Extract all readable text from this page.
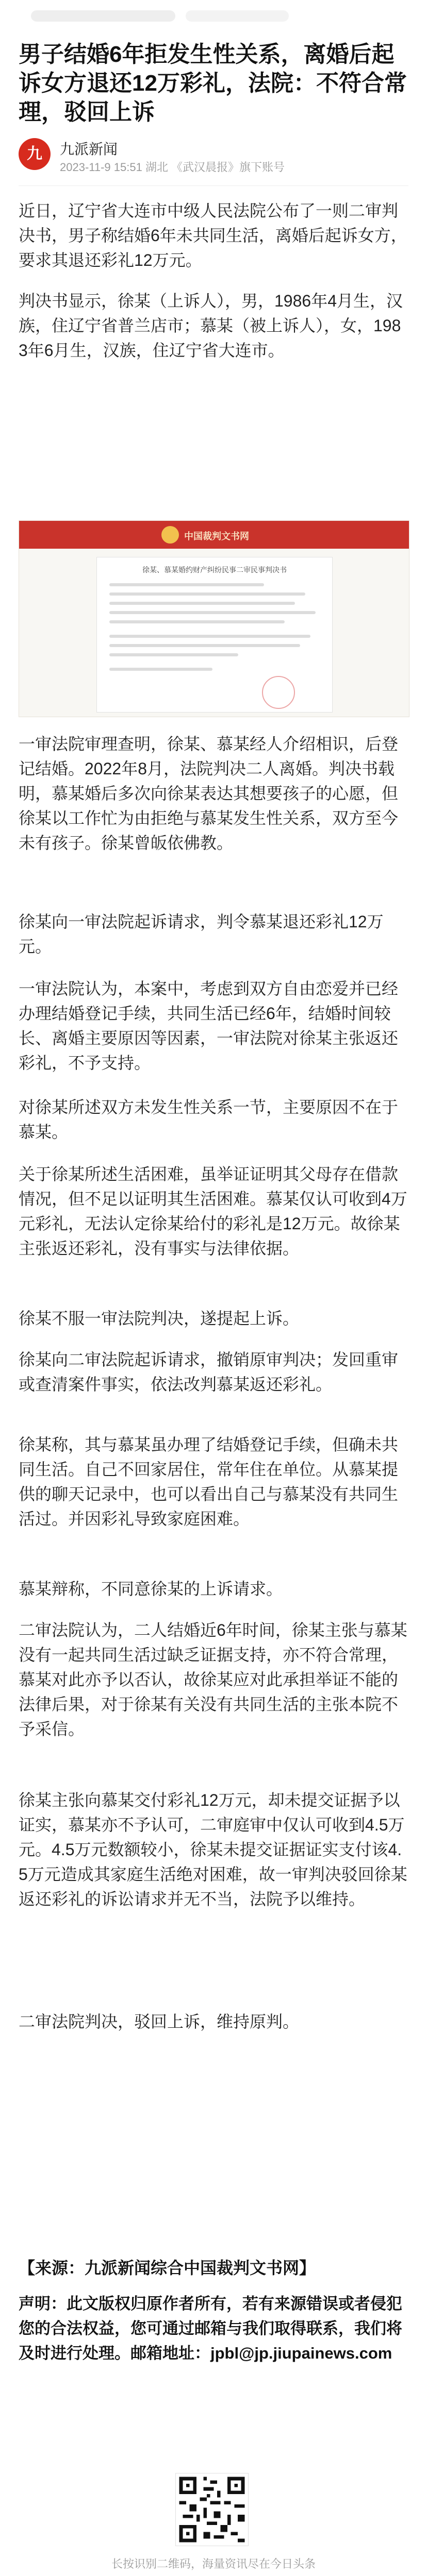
男子结婚6年拒发生性关系，离婚后起诉女方退还12万彩礼，法院：不符合常理，驳回上诉
九	九派新闻
2023-11-9 15:51 湖北 《武汉晨报》旗下账号

近日，辽宁省大连市中级人民法院公布了一则二审判决书，男子称结婚6年未共同生活，离婚后起诉女方，要求其退还彩礼12万元。

判决书显示，徐某（上诉人），男，1986年4月生，汉族，住辽宁省普兰店市；慕某（被上诉人），女，1983年6月生，汉族，住辽宁省大连市。

中国裁判文书网
徐某、慕某婚约财产纠纷民事二审民事判决书

一审法院审理查明，徐某、慕某经人介绍相识，后登记结婚。2022年8月，法院判决二人离婚。判决书载明，慕某婚后多次向徐某表达其想要孩子的心愿，但徐某以工作忙为由拒绝与慕某发生性关系，双方至今未有孩子。徐某曾皈依佛教。

徐某向一审法院起诉请求，判令慕某退还彩礼12万元。

一审法院认为，本案中，考虑到双方自由恋爱并已经办理结婚登记手续，共同生活已经6年，结婚时间较长、离婚主要原因等因素，一审法院对徐某主张返还彩礼，不予支持。

对徐某所述双方未发生性关系一节，主要原因不在于慕某。

关于徐某所述生活困难，虽举证证明其父母存在借款情况，但不足以证明其生活困难。慕某仅认可收到4万元彩礼，无法认定徐某给付的彩礼是12万元。故徐某主张返还彩礼，没有事实与法律依据。

徐某不服一审法院判决，遂提起上诉。

徐某向二审法院起诉请求，撤销原审判决；发回重审或查清案件事实，依法改判慕某返还彩礼。

徐某称，其与慕某虽办理了结婚登记手续，但确未共同生活。自己不回家居住，常年住在单位。从慕某提供的聊天记录中，也可以看出自己与慕某没有共同生活过。并因彩礼导致家庭困难。

慕某辩称，不同意徐某的上诉请求。

二审法院认为，二人结婚近6年时间，徐某主张与慕某没有一起共同生活过缺乏证据支持，亦不符合常理，慕某对此亦予以否认，故徐某应对此承担举证不能的法律后果，对于徐某有关没有共同生活的主张本院不予采信。

徐某主张向慕某交付彩礼12万元，却未提交证据予以证实，慕某亦不予认可，二审庭审中仅认可收到4.5万元。4.5万元数额较小，徐某未提交证据证实支付该4.5万元造成其家庭生活绝对困难，故一审判决驳回徐某返还彩礼的诉讼请求并无不当，法院予以维持。

二审法院判决，驳回上诉，维持原判。

【来源：九派新闻综合中国裁判文书网】

声明：此文版权归原作者所有，若有来源错误或者侵犯您的合法权益，您可通过邮箱与我们取得联系，我们将及时进行处理。邮箱地址：jpbl@jp.jiupainews.com

长按识别二维码，海量资讯尽在今日头条
